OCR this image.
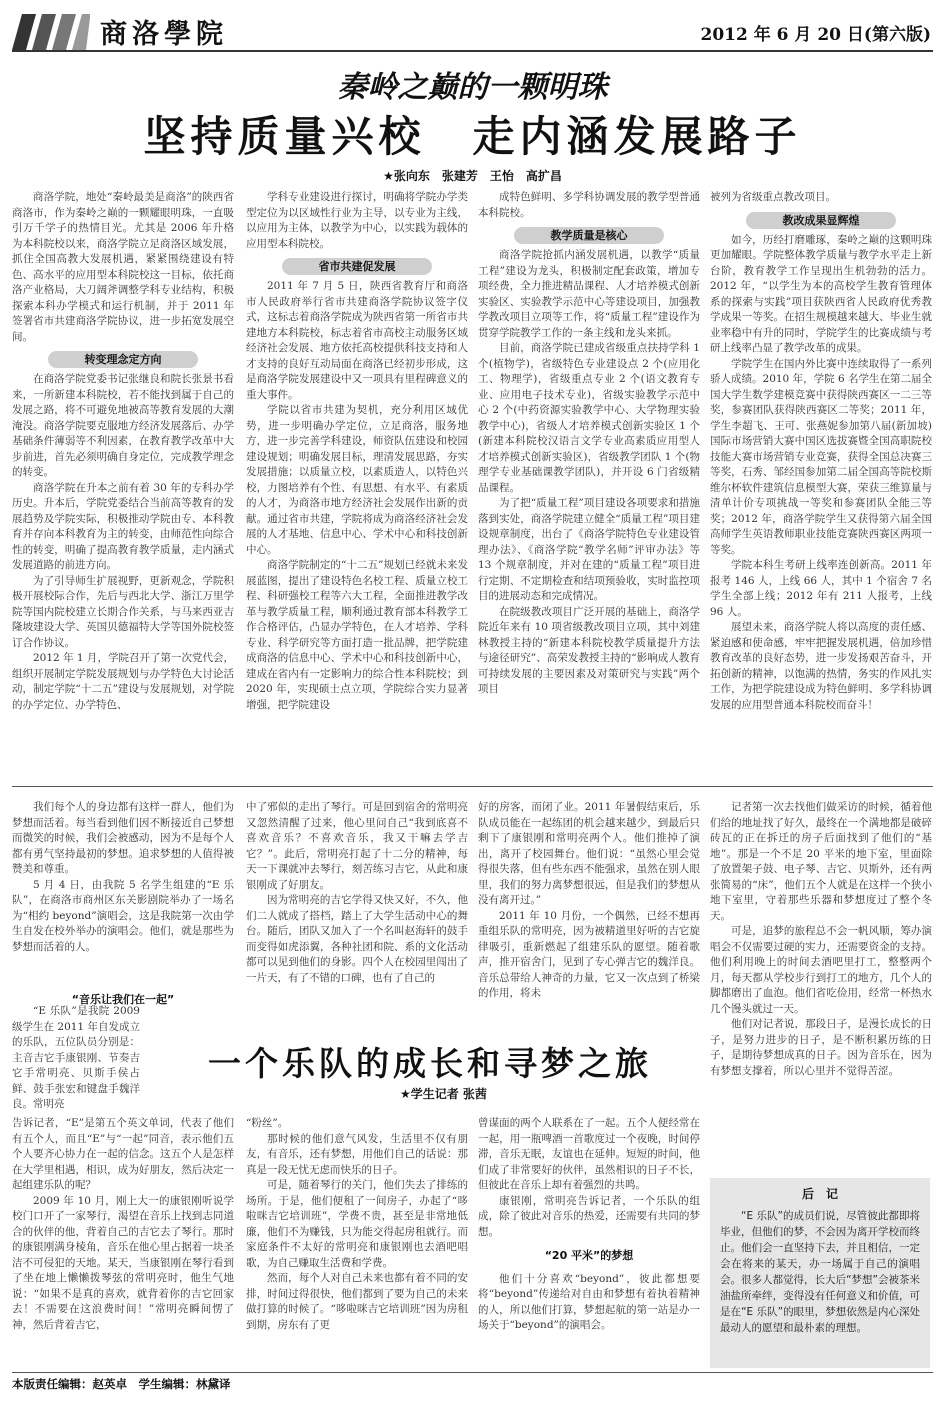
商洛學院	2012 年 6 月 20 日(第六版)
秦岭之巅的一颗明珠
坚持质量兴校　走内涵发展路子
★张向东　张建芳　王怡　高扩昌

商洛学院，地处“秦岭最美是商洛”的陕西省商洛市，作为秦岭之巅的一颗耀眼明珠，一直吸引万千学子的热情目光。尤其是 2006 年升格为本科院校以来，商洛学院立足商洛区域发展，抓住全国高教大发展机遇，紧紧围绕建设有特色、高水平的应用型本科院校这一目标，依托商洛产业格局，大刀阔斧调整学科专业结构，积极探索本科办学模式和运行机制，并于 2011 年签署省市共建商洛学院协议，进一步拓宽发展空间。

转变理念定方向

在商洛学院党委书记张继良和院长张景书看来，一所新建本科院校，若不能找到属于自己的发展之路，将不可避免地被高等教育发展的大潮淹没。商洛学院要克服地方经济发展落后、办学基础条件薄弱等不利因素，在教育教学改革中大步前进，首先必须明确自身定位，完成教学理念的转变。

商洛学院在升本之前有着 30 年的专科办学历史。升本后，学院党委结合当前高等教育的发展趋势及学院实际，积极推动学院由专、本科教育并存向本科教育为主的转变，由师范性向综合性的转变，明确了提高教育教学质量，走内涵式发展道路的前进方向。

为了引导师生扩展视野，更新观念，学院积极开展校际合作，先后与西北大学、浙江万里学院等国内院校建立长期合作关系，与马来西亚吉隆坡建设大学、英国贝德福特大学等国外院校签订合作协议。

2012 年 1 月，学院召开了第一次党代会，组织开展制定学院发展规划与办学特色大讨论活动，制定学院“十二五”建设与发展规划，对学院的办学定位、办学特色、

学科专业建设进行探讨，明确将学院办学类型定位为以区域性行业为主导，以专业为主线，以应用为主体，以教学为中心，以实践为载体的应用型本科院校。

省市共建促发展

2011 年 7 月 5 日，陕西省教育厅和商洛市人民政府举行省市共建商洛学院协议签字仪式，这标志着商洛学院成为陕西省第一所省市共建地方本科院校，标志着省市高校主动服务区域经济社会发展、地方依托高校提供科技支持和人才支持的良好互动局面在商洛已经初步形成，这是商洛学院发展建设中又一项具有里程碑意义的重大事件。

学院以省市共建为契机，充分利用区域优势，进一步明确办学定位，立足商洛，服务地方，进一步完善学科建设，师资队伍建设和校园建设规划；明确发展目标，理清发展思路，夯实发展措施；以质量立校，以素质造人，以特色兴校，力图培养有个性、有思想、有水平、有素质的人才，为商洛市地方经济社会发展作出新的贡献。通过省市共建，学院将成为商洛经济社会发展的人才基地、信息中心、学术中心和科技创新中心。

商洛学院制定的“十二五”规划已经就未来发展蓝图，提出了建设特色名校工程、质量立校工程、科研强校工程等六大工程，全面推进教学改革与教学质量工程，顺利通过教育部本科教学工作合格评估，凸显办学特色，在人才培养、学科专业、科学研究等方面打造一批品牌，把学院建成商洛的信息中心、学术中心和科技创新中心，建成在省内有一定影响力的综合性本科院校；到 2020 年，实现硕士点立项，学院综合实力显著增强，把学院建设

成特色鲜明、多学科协调发展的教学型普通本科院校。

教学质量是核心

商洛学院抢抓内涵发展机遇，以教学“质量工程”建设为龙头，积极制定配套政策，增加专项经费，全力推进精品课程、人才培养模式创新实验区、实验教学示范中心等建设项目，加强教学教改项目立项等工作，将“质量工程”建设作为贯穿学院教学工作的一条主线和龙头来抓。

目前，商洛学院已建成省级重点扶持学科 1 个(植物学)，省级特色专业建设点 2 个(应用化工、物理学)，省级重点专业 2 个(语文教育专业、应用电子技术专业)，省级实验教学示范中心 2 个(中药资源实验教学中心、大学物理实验教学中心)，省级人才培养模式创新实验区 1 个(新建本科院校汉语言文学专业高素质应用型人才培养模式创新实验区)，省级教学团队 1 个(物理学专业基础课教学团队)，并开设 6 门省级精品课程。

为了把“质量工程”项目建设各项要求和措施落到实处，商洛学院建立健全“质量工程”项目建设规章制度，出台了《商洛学院特色专业建设管理办法》、《商洛学院“教学名师”评审办法》等 13 个规章制度，并对在建的“质量工程”项目进行定期、不定期检查和结项预验收，实时监控项目的进展动态和完成情况。

在院级教改项目广泛开展的基础上，商洛学院近年来有 10 项省级教改项目立项，其中刘建林教授主持的“新建本科院校教学质量提升方法与途径研究”、高荣发教授主持的“影响成人教育可持续发展的主要因素及对策研究与实践”两个项目

被列为省级重点教改项目。

教改成果显辉煌

如今，历经打磨雕琢，秦岭之巅的这颗明珠更加耀眼。学院整体教学质量与教学水平走上新台阶，教育教学工作呈现出生机勃勃的活力。2012 年，“以学生为本的高校学生教育管理体系的探索与实践”项目获陕西省人民政府优秀教学成果一等奖。在招生规模越来越大、毕业生就业率稳中有升的同时，学院学生的比赛成绩与考研上线率凸显了教学改革的成果。

学院学生在国内外比赛中连续取得了一系列骄人成绩。2010 年，学院 6 名学生在第二届全国大学生数学建模竞赛中获得陕西赛区一二三等奖，参赛团队获得陕西赛区二等奖；2011 年，学生李超飞、王可、张燕妮参加第八届(新加坡)国际市场营销大赛中国区选拔赛暨全国高职院校技能大赛市场营销专业竞赛，获得全国总决赛三等奖，石秀、邹经国参加第二届全国高等院校斯维尔杯软件建筑信息模型大赛，荣获三维算量与清单计价专项挑战一等奖和参赛团队全能三等奖；2012 年，商洛学院学生又获得第六届全国高师学生英语教师职业技能竞赛陕西赛区两项一等奖。

学院本科生考研上线率连创新高。2011 年报考 146 人，上线 66 人，其中 1 个宿舍 7 名学生全部上线；2012 年有 211 人报考，上线 96 人。

展望未来，商洛学院人将以高度的责任感、紧迫感和使命感，牢牢把握发展机遇，倍加珍惜教育改革的良好态势，进一步发扬艰苦奋斗，开拓创新的精神，以饱满的热情，务实的作风扎实工作，为把学院建设成为特色鲜明、多学科协调发展的应用型普通本科院校而奋斗！

我们每个人的身边都有这样一群人，他们为梦想而活着。每当看到他们因不断接近自己梦想而微笑的时候，我们会被感动，因为不是每个人都有勇气坚持最初的梦想。追求梦想的人值得被赞美和尊重。

5 月 4 日，由我院 5 名学生组建的“E 乐队”，在商洛市商州区东关影剧院举办了一场名为“相约 beyond”演唱会，这是我院第一次由学生自发在校外举办的演唱会。他们，就是那些为梦想而活着的人。

“音乐让我们在一起”

“E 乐队”是我院 2009 级学生在 2011 年自发成立的乐队，五位队员分别是：主音吉它手康银刚、节奏吉它手常明亮、贝斯手侯占鲜、鼓手张宏和键盘手魏洋良。常明亮

中了邪似的走出了琴行。可是回到宿舍的常明亮又忽然清醒了过来，他心里问自己“我到底喜不喜欢音乐？不喜欢音乐，我又干嘛去学吉它？”。此后，常明亮打起了十二分的精神，每天一下课就冲去琴行，刻苦练习吉它，从此和康银刚成了好朋友。

因为常明亮的吉它学得又快又好，不久，他们二人就成了搭档，踏上了大学生活动中心的舞台。随后，团队又加入了一个名叫赵海轩的鼓手而变得如虎添翼，各种社团和院、系的文化活动都可以见到他们的身影。四个人在校园里闯出了一片天，有了不错的口碑，也有了自己的

好的房客，而闭了业。2011 年暑假结束后，乐队成员能在一起练团的机会越来越少，到最后只剩下了康银刚和常明亮两个人。他们推掉了演出，离开了校园舞台。他们说：“虽然心里会觉得很失落，但有些东西不能强求，虽然在别人眼里，我们的努力离梦想很远，但是我们的梦想从没有离开过。”

2011 年 10 月份，一个偶然，已经不想再重组乐队的常明亮，因为被精道里好听的吉它旋律吸引，重新燃起了组建乐队的愿望。随着歌声，推开宿舍门，见到了专心弹吉它的魏洋良。音乐总带给人神奇的力量，它又一次点到了桥梁的作用，将未

记者第一次去找他们做采访的时候，循着他们给的地址找了好久，最终在一个满地都是破碎砖瓦的正在拆迁的房子后面找到了他们的“基地”。那是一个不足 20 平米的地下室，里面除了放置架子鼓、电子琴、吉它、贝斯外，还有两张简易的“床”，他们五个人就是在这样一个狭小地下室里，守着那些乐器和梦想度过了整个冬天。

可是，追梦的旅程总不会一帆风顺，筹办演唱会不仅需要过硬的实力，还需要资金的支持。他们利用晚上的时间去酒吧里打工，整整两个月，每天都从学校步行到打工的地方，几个人的脚都磨出了血泡。他们省吃俭用，经常一杯热水几个馒头就过一天。

他们对记者说，那段日子，是漫长成长的日子，是努力进步的日子，是不断积累历练的日子，是期待梦想成真的日子。因为音乐在，因为有梦想支撑着，所以心里并不觉得苦涩。

一个乐队的成长和寻梦之旅
★学生记者 张茜

告诉记者，“E”是第五个英文单词，代表了他们有五个人，而且“E”与“一起”同音，表示他们五个人要齐心协力在一起的信念。这五个人是怎样在大学里相遇，相识，成为好朋友，然后决定一起组建乐队的呢？

2009 年 10 月，刚上大一的康银刚听说学校门口开了一家琴行，渴望在音乐上找到志同道合的伙伴的他，背着自己的吉它去了琴行。那时的康银刚满身棱角，音乐在他心里占据着一块圣洁不可侵犯的天地。某天，当康银刚在琴行看到了坐在地上懒懒拨琴弦的常明亮时，他生气地说：“如果不是真的喜欢，就背着你的吉它回家去！不需要在这浪费时间！”常明亮瞬间愣了神，然后背着吉它，

“粉丝”。

那时候的他们意气风发，生活里不仅有朋友，有音乐，还有梦想，用他们自己的话说：那真是一段无忧无虑而快乐的日子。

可是，随着琴行的关门，他们失去了排练的场所。于是，他们便租了一间房子，办起了“哆啦咪吉它培训班”，学费不贵，甚至是非常地低廉，他们不为赚钱，只为能交得起房租就行。而家庭条件不太好的常明亮和康银刚也去酒吧唱歌，为自己赚取生活费和学费。

然而，每个人对自己未来也都有着不同的安排，时间过得很快，他们都到了要为自己的未来做打算的时候了。“哆啦咪吉它培训班”因为房租到期，房东有了更

曾谋面的两个人联系在了一起。五个人便经常在一起，用一瓶啤酒一首歌度过一个夜晚，时间停滞，音乐无眠，友谊也在延伸。短短的时间，他们成了非常要好的伙伴，虽然相识的日子不长，但彼此在音乐上却有着强烈的共鸣。

康银刚，常明亮告诉记者，一个乐队的组成，除了彼此对音乐的热爱，还需要有共同的梦想。

“20 平米”的梦想

他们十分喜欢“beyond”，彼此都想要将“beyond”传递给对自由和梦想有着执着精神的人，所以他们打算，梦想起航的第一站是办一场关于“beyond”的演唱会。

后　记
“E 乐队”的成员们说，尽管彼此都即将毕业，但他们的梦，不会因为离开学校而终止。他们会一直坚持下去，并且相信，一定会在将来的某天，办一场属于自己的演唱会。很多人都觉得，长大后“梦想”会被茶米油盐所牵绊，变得没有任何意义和价值，可是在“E 乐队”的眼里，梦想依然是内心深处最动人的愿望和最朴素的理想。
本版责任编辑：赵英卓　学生编辑：林黛译
